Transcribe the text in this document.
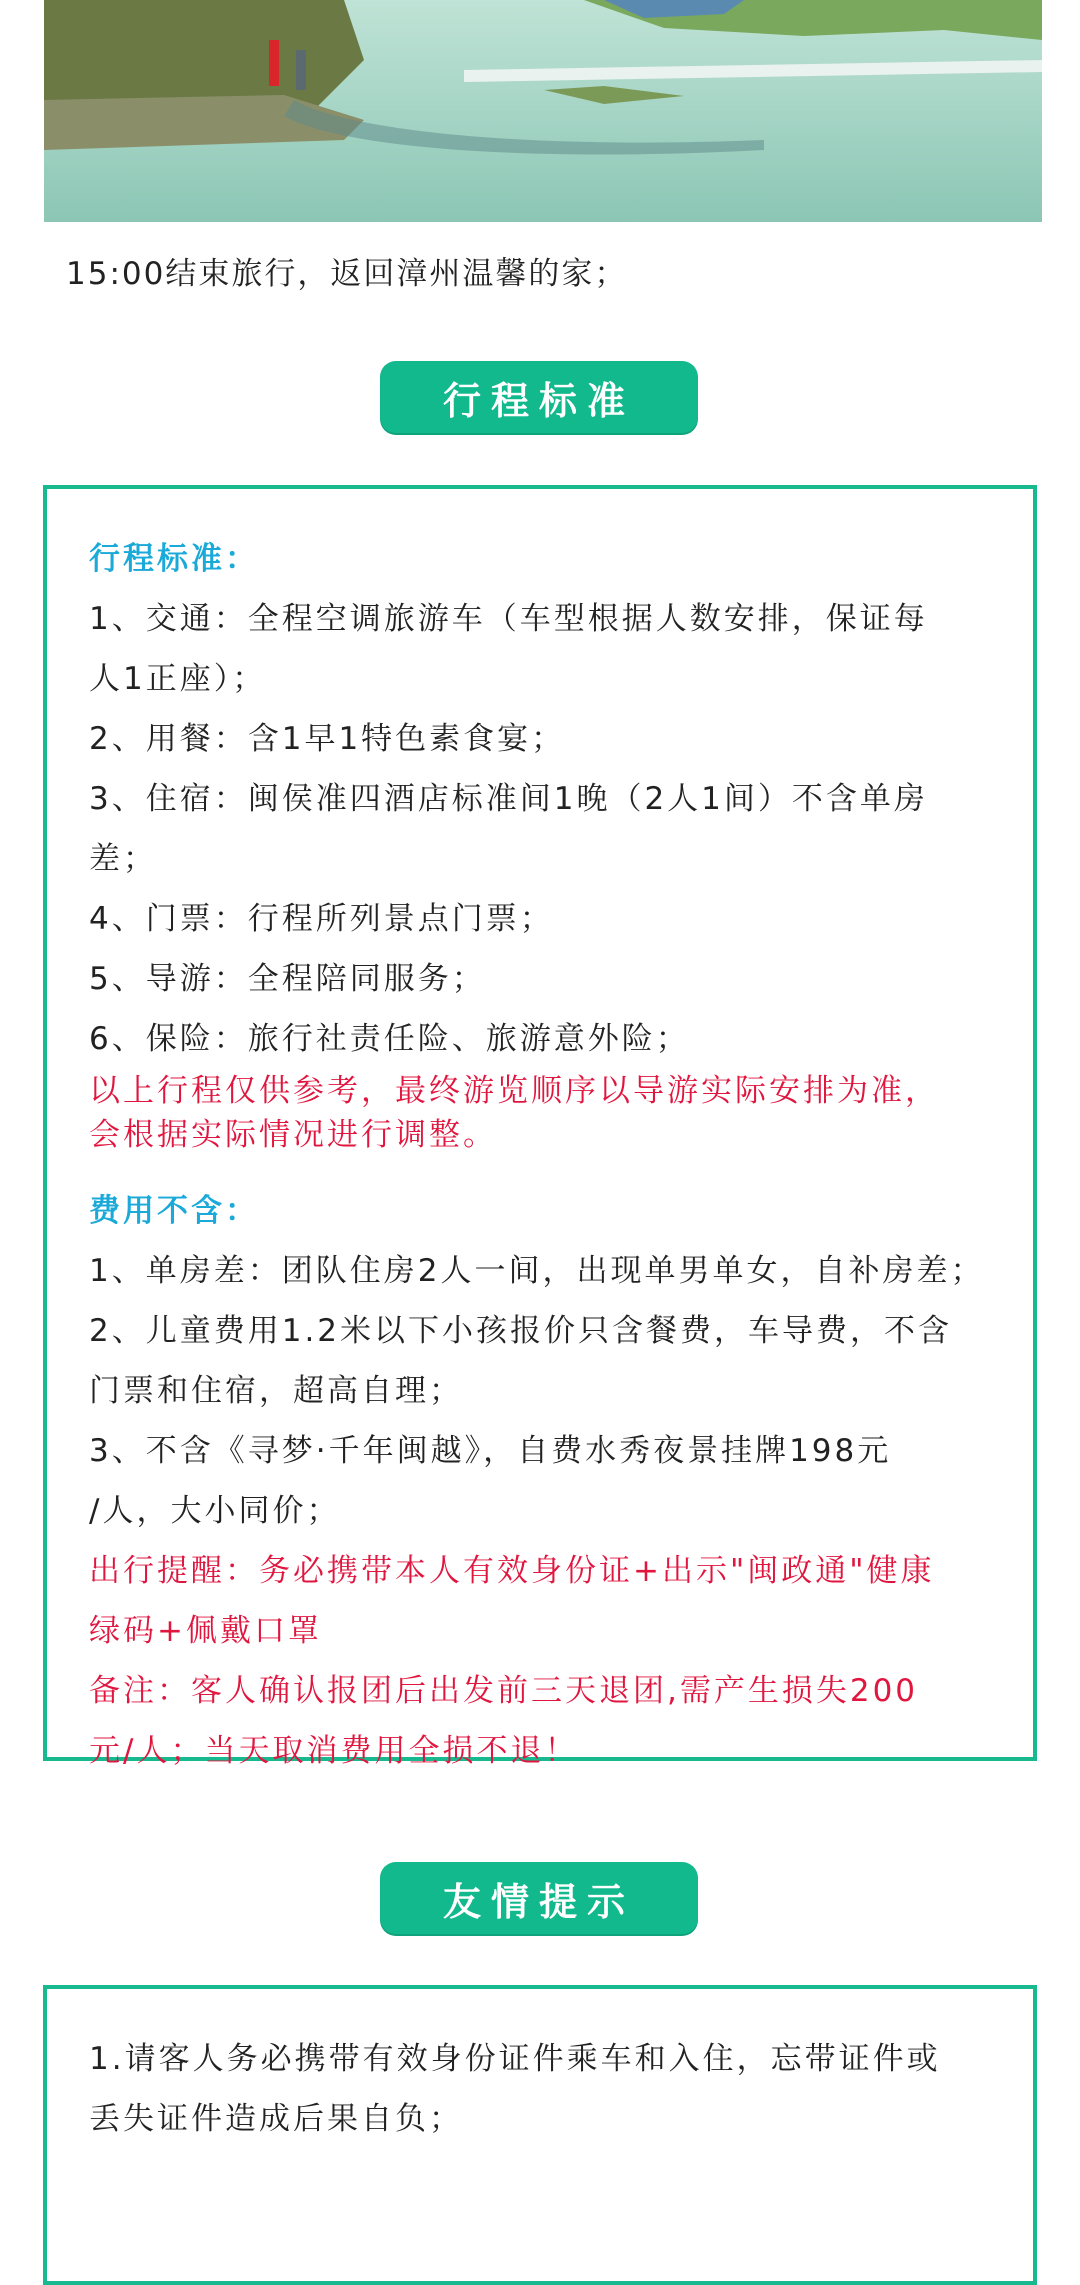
15:00结束旅行，返回漳州温馨的家；
行程标准
行程标准：
1、交通：全程空调旅游车（车型根据人数安排，保证每
人1正座）；
2、用餐：含1早1特色素食宴；
3、住宿：闽侯准四酒店标准间1晚（2人1间）不含单房差；
4、门票：行程所列景点门票；
5、导游：全程陪同服务；
6、保险：旅行社责任险、旅游意外险；
以上行程仅供参考，最终游览顺序以导游实际安排为准，
会根据实际情况进行调整。
费用不含：
1、单房差：团队住房2人一间，出现单男单女，自补房差；
2、儿童费用1.2米以下小孩报价只含餐费，车导费，不含
门票和住宿，超高自理；
3、不含《寻梦·千年闽越》，自费水秀夜景挂牌198元
/人，大小同价；
出行提醒：务必携带本人有效身份证+出示"闽政通"健康
绿码+佩戴口罩
备注：客人确认报团后出发前三天退团,需产生损失200
元/人；当天取消费用全损不退！
友情提示
1.请客人务必携带有效身份证件乘车和入住，忘带证件或
丢失证件造成后果自负；
